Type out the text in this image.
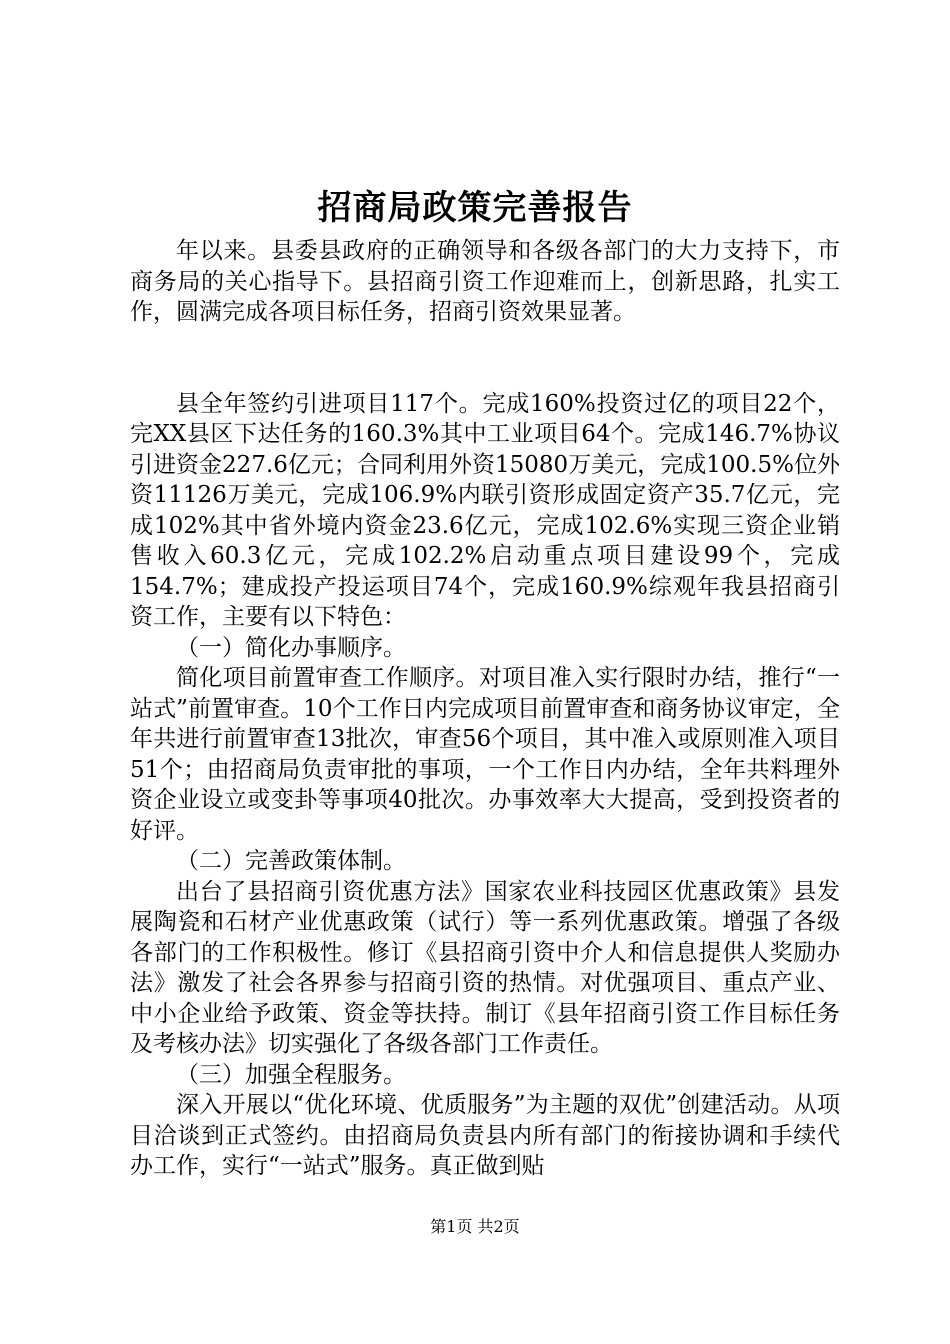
招商局政策完善报告

年以来。县委县政府的正确领导和各级各部门的大力支持下，市商务局的关心指导下。县招商引资工作迎难而上，创新思路，扎实工作，圆满完成各项目标任务，招商引资效果显著。

县全年签约引进项目117个。完成160%投资过亿的项目22个，完XX县区下达任务的160.3%其中工业项目64个。完成146.7%协议引进资金227.6亿元；合同利用外资15080万美元，完成100.5%位外资11126万美元，完成106.9%内联引资形成固定资产35.7亿元，完成102%其中省外境内资金23.6亿元，完成102.6%实现三资企业销售收入60.3亿元，完成102.2%启动重点项目建设99个，完成154.7%；建成投产投运项目74个，完成160.9%综观年我县招商引资工作，主要有以下特色：

（一）简化办事顺序。

简化项目前置审查工作顺序。对项目准入实行限时办结，推行“一站式”前置审查。10个工作日内完成项目前置审查和商务协议审定，全年共进行前置审查13批次，审查56个项目，其中准入或原则准入项目51个；由招商局负责审批的事项，一个工作日内办结，全年共料理外资企业设立或变卦等事项40批次。办事效率大大提高，受到投资者的好评。

（二）完善政策体制。

出台了县招商引资优惠方法》国家农业科技园区优惠政策》县发展陶瓷和石材产业优惠政策（试行）等一系列优惠政策。增强了各级各部门的工作积极性。修订《县招商引资中介人和信息提供人奖励办法》激发了社会各界参与招商引资的热情。对优强项目、重点产业、中小企业给予政策、资金等扶持。制订《县年招商引资工作目标任务及考核办法》切实强化了各级各部门工作责任。

（三）加强全程服务。

深入开展以“优化环境、优质服务”为主题的双优”创建活动。从项目洽谈到正式签约。由招商局负责县内所有部门的衔接协调和手续代办工作，实行“一站式”服务。真正做到贴

第1页 共2页
